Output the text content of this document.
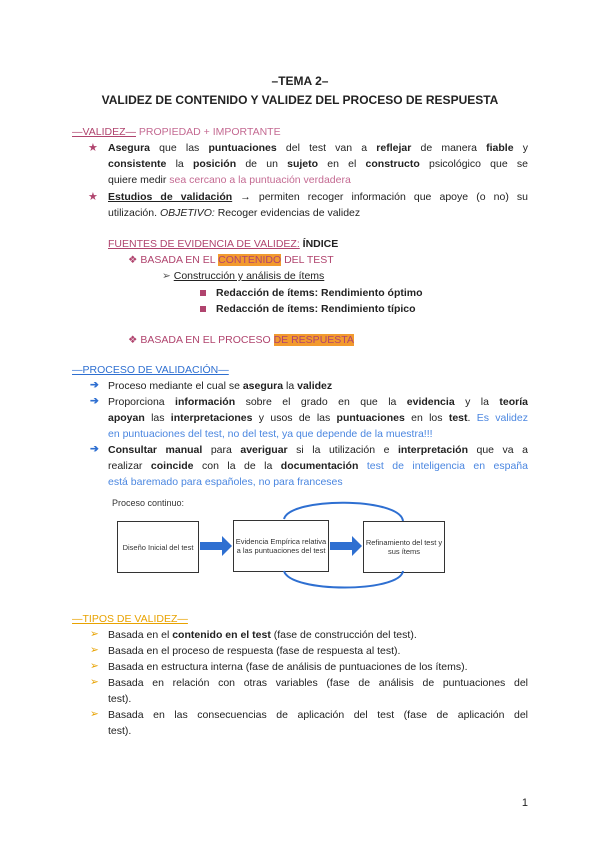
–TEMA 2–
VALIDEZ DE CONTENIDO Y VALIDEZ DEL PROCESO DE RESPUESTA
—VALIDEZ— PROPIEDAD + IMPORTANTE
★ Asegura que las puntuaciones del test van a reflejar de manera fiable y
consistente la posición de un sujeto en el constructo psicológico que se
quiere medir sea cercano a la puntuación verdadera
★ Estudios de validación → permiten recoger información que apoye (o no) su
utilización. OBJETIVO: Recoger evidencias de validez
FUENTES DE EVIDENCIA DE VALIDEZ: ÍNDICE
❖ BASADA EN EL CONTENIDO DEL TEST
➢ Construcción y análisis de ítems
Redacción de ítems: Rendimiento óptimo
Redacción de ítems: Rendimiento típico
❖ BASADA EN EL PROCESO DE RESPUESTA
—PROCESO DE VALIDACIÓN—
➔ Proceso mediante el cual se asegura la validez
➔ Proporciona información sobre el grado en que la evidencia y la teoría
apoyan las interpretaciones y usos de las puntuaciones en los test. Es validez
en puntuaciones del test, no del test, ya que depende de la muestra!!!
➔ Consultar manual para averiguar si la utilización e interpretación que va a
realizar coincide con la de la documentación test de inteligencia en españa
está baremado para españoles, no para franceses
Proceso continuo:
Diseño Inicial del test
Evidencia Empírica relativa a las puntuaciones del test
Refinamiento del test y sus ítems
—TIPOS DE VALIDEZ—
➢ Basada en el contenido en el test (fase de construcción del test).
➢ Basada en el proceso de respuesta (fase de respuesta al test).
➢ Basada en estructura interna (fase de análisis de puntuaciones de los ítems).
➢ Basada en relación con otras variables (fase de análisis de puntuaciones del
test).
➢ Basada en las consecuencias de aplicación del test (fase de aplicación del
test).
1
